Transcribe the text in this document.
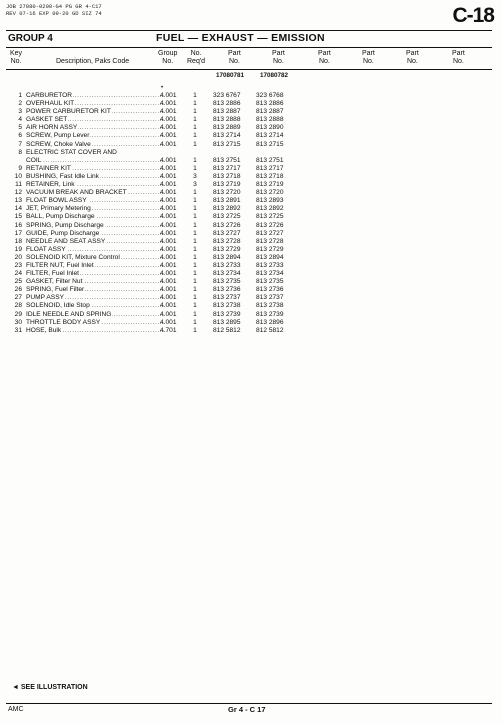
JOB 27080-0200-G4 PG GR 4-C17
REV 07-16 EXP 09-20 GD SIZ 74	C-18
GROUP 4	FUEL — EXHAUST — EMISSION
Key
No.	Description, Paks Code
Group
No.
No.
Req'd
Part
No.
Part
No.
Part
No.
Part
No.
Part
No.
Part
No.
17080781	17080782
•
1 CARBURETOR .....	4.001	1	323 6767	323 6768
2 OVERHAUL KIT .....	4.001	1	813 2886	813 2886
3 POWER CARBURETOR KIT .....	4.001	1	813 2887	813 2887
4 GASKET SET .....	4.001	1	813 2888	813 2888
5 AIR HORN ASSY .....	4.001	1	813 2889	813 2890
6 SCREW, Pump Lever .....	4.001	1	813 2714	813 2714
7 SCREW, Choke Valve .....	4.001	1	813 2715	813 2715
8 ELECTRIC STAT COVER AND
COIL .....	4.001	1	813 2751	813 2751
9 RETAINER KIT .....	4.001	1	813 2717	813 2717
10 BUSHING, Fast Idle Link .....	4.001	3	813 2718	813 2718
11 RETAINER, Link .....	4.001	3	813 2719	813 2719
12 VACUUM BREAK AND BRACKET .....	4.001	1	813 2720	813 2720
13 FLOAT BOWL ASSY .....	4.001	1	813 2891	813 2893
14 JET, Primary Metering .....	4.001	1	813 2892	813 2892
15 BALL, Pump Discharge .....	4.001	1	813 2725	813 2725
16 SPRING, Pump Discharge .....	4.001	1	813 2726	813 2726
17 GUIDE, Pump Discharge .....	4.001	1	813 2727	813 2727
18 NEEDLE AND SEAT ASSY .....	4.001	1	813 2728	813 2728
19 FLOAT ASSY .....	4.001	1	813 2729	813 2729
20 SOLENOID KIT, Mixture Control .....	4.001	1	813 2894	813 2894
23 FILTER NUT, Fuel Inlet .....	4.001	1	813 2733	813 2733
24 FILTER, Fuel Inlet .....	4.001	1	813 2734	813 2734
25 GASKET, Filter Nut .....	4.001	1	813 2735	813 2735
26 SPRING, Fuel Filter .....	4.001	1	813 2736	813 2736
27 PUMP ASSY .....	4.001	1	813 2737	813 2737
28 SOLENOID, Idle Stop .....	4.001	1	813 2738	813 2738
29 IDLE NEEDLE AND SPRING .....	4.001	1	813 2739	813 2739
30 THROTTLE BODY ASSY .....	4.001	1	813 2895	813 2896
31 HOSE, Bulk .....	4.701	1	812 5812	812 5812
◄ SEE ILLUSTRATION
AMC	Gr 4 - C 17
